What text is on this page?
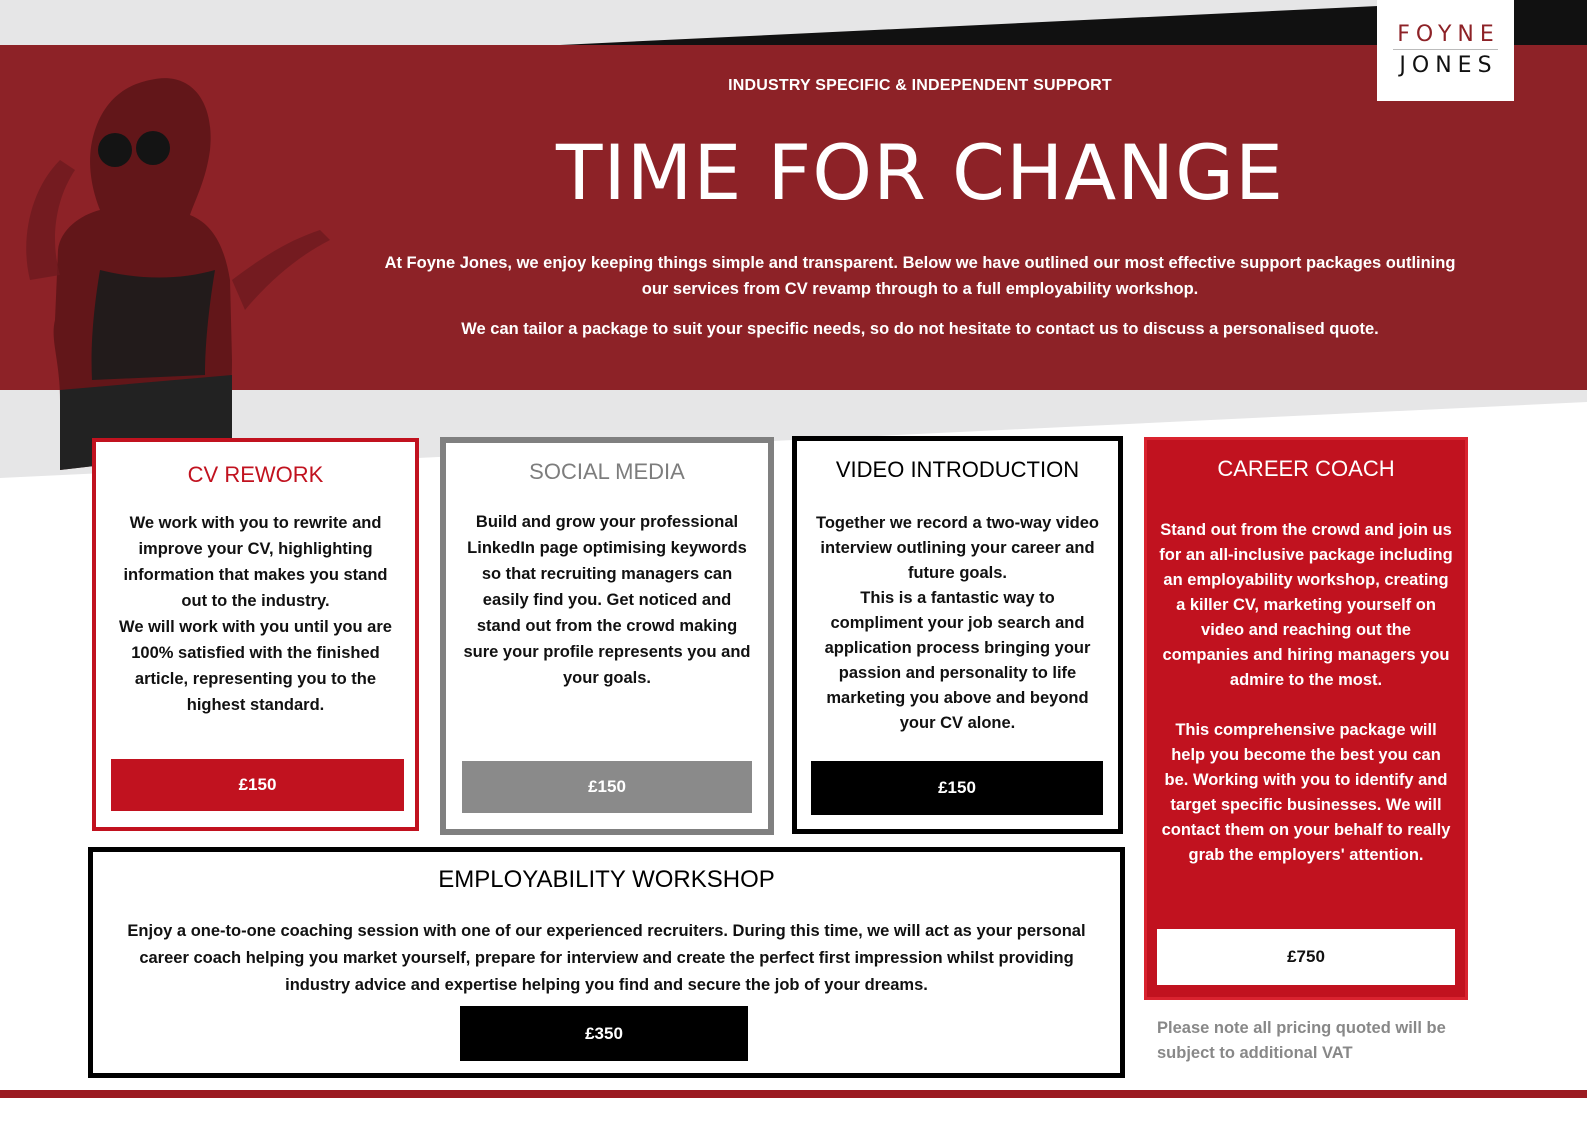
FOYNE
JONES
INDUSTRY SPECIFIC & INDEPENDENT SUPPORT
TIME FOR CHANGE
At Foyne Jones, we enjoy keeping things simple and transparent. Below we have outlined our most effective support packages outlining our services from CV revamp through to a full employability workshop.
We can tailor a package to suit your specific needs, so do not hesitate to contact us to discuss a personalised quote.
CV REWORK
We work with you to rewrite and improve your CV, highlighting information that makes you stand out to the industry.
We will work with you until you are 100% satisfied with the finished article, representing you to the highest standard.
£150
SOCIAL MEDIA
Build and grow your professional LinkedIn page optimising keywords so that recruiting managers can easily find you. Get noticed and stand out from the crowd making sure your profile represents you and your goals.
£150
VIDEO INTRODUCTION
Together we record a two-way video interview outlining your career and future goals.
This is a fantastic way to compliment your job search and application process bringing your passion and personality to life marketing you above and beyond your CV alone.
£150
CAREER COACH
Stand out from the crowd and join us for an all-inclusive package including an employability workshop, creating a killer CV, marketing yourself on video and reaching out the companies and hiring managers you admire to the most.

This comprehensive package will help you become the best you can be. Working with you to identify and target specific businesses. We will contact them on your behalf to really grab the employers' attention.
£750
EMPLOYABILITY WORKSHOP
Enjoy a one-to-one coaching session with one of our experienced recruiters. During this time, we will act as your personal career coach helping you market yourself, prepare for interview and create the perfect first impression whilst providing industry advice and expertise helping you find and secure the job of your dreams.
£350	Please note all pricing quoted will be subject to additional VAT
